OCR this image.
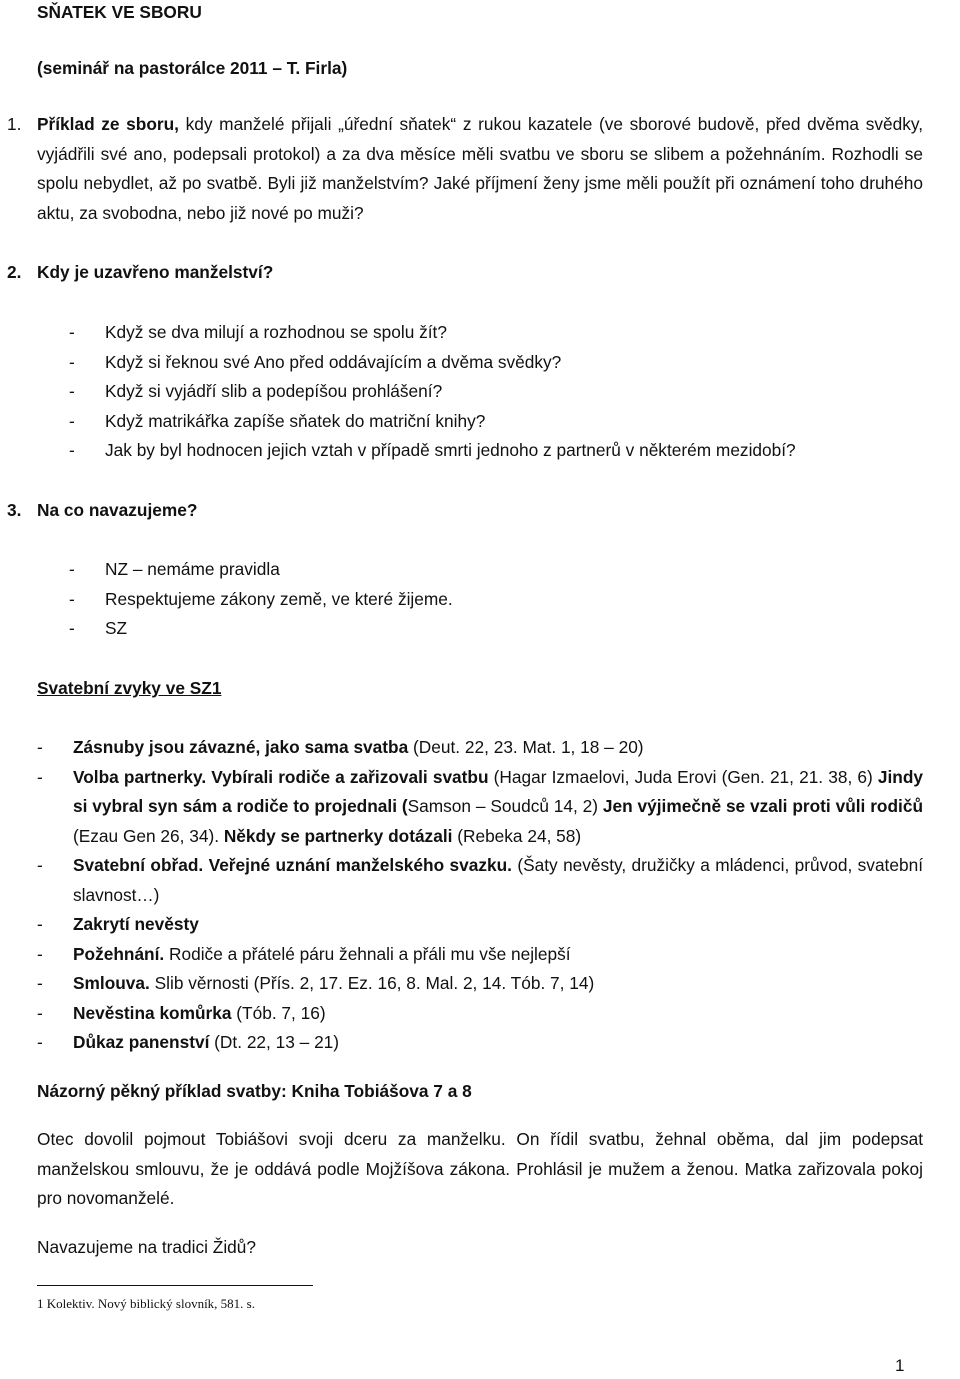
SŇATEK VE SBORU

(seminář na pastorálce 2011 – T. Firla)

1. Příklad ze sboru, kdy manželé přijali „úřední sňatek“ z rukou kazatele (ve sborové budově, před dvěma svědky, vyjádřili své ano, podepsali protokol) a za dva měsíce měli svatbu ve sboru se slibem a požehnáním. Rozhodli se spolu nebydlet, až po svatbě. Byli již manželstvím? Jaké příjmení ženy jsme měli použít při oznámení toho druhého aktu, za svobodna, nebo již nové po muži?
2. Kdy je uzavřeno manželství?
- Když se dva milují a rozhodnou se spolu žít?
- Když si řeknou své Ano před oddávajícím a dvěma svědky?
- Když si vyjádří slib a podepíšou prohlášení?
- Když matrikářka zapíše sňatek do matriční knihy?
- Jak by byl hodnocen jejich vztah v případě smrti jednoho z partnerů v některém mezidobí?
3. Na co navazujeme?
- NZ – nemáme pravidla
- Respektujeme zákony země, ve které žijeme.
- SZ

Svatební zvyky ve SZ1

- Zásnuby jsou závazné, jako sama svatba (Deut. 22, 23. Mat. 1, 18 – 20)
- Volba partnerky. Vybírali rodiče a zařizovali svatbu (Hagar Izmaelovi, Juda Erovi (Gen. 21, 21. 38, 6) Jindy si vybral syn sám a rodiče to projednali (Samson – Soudců 14, 2) Jen výjimečně se vzali proti vůli rodičů (Ezau Gen 26, 34). Někdy se partnerky dotázali (Rebeka 24, 58)
- Svatební obřad. Veřejné uznání manželského svazku. (Šaty nevěsty, družičky a mládenci, průvod, svatební slavnost…)
- Zakrytí nevěsty
- Požehnání. Rodiče a přátelé páru žehnali a přáli mu vše nejlepší
- Smlouva. Slib věrnosti (Přís. 2, 17. Ez. 16, 8. Mal. 2, 14. Tób. 7, 14)
- Nevěstina komůrka (Tób. 7, 16)
- Důkaz panenství (Dt. 22, 13 – 21)

Názorný pěkný příklad svatby: Kniha Tobiášova 7 a 8

Otec dovolil pojmout Tobiášovi svoji dceru za manželku. On řídil svatbu, žehnal oběma, dal jim podepsat manželskou smlouvu, že je oddává podle Mojžíšova zákona. Prohlásil je mužem a ženou. Matka zařizovala pokoj pro novomanželé.

Navazujeme na tradici Židů?

1 Kolektiv. Nový biblický slovník, 581. s.
1
